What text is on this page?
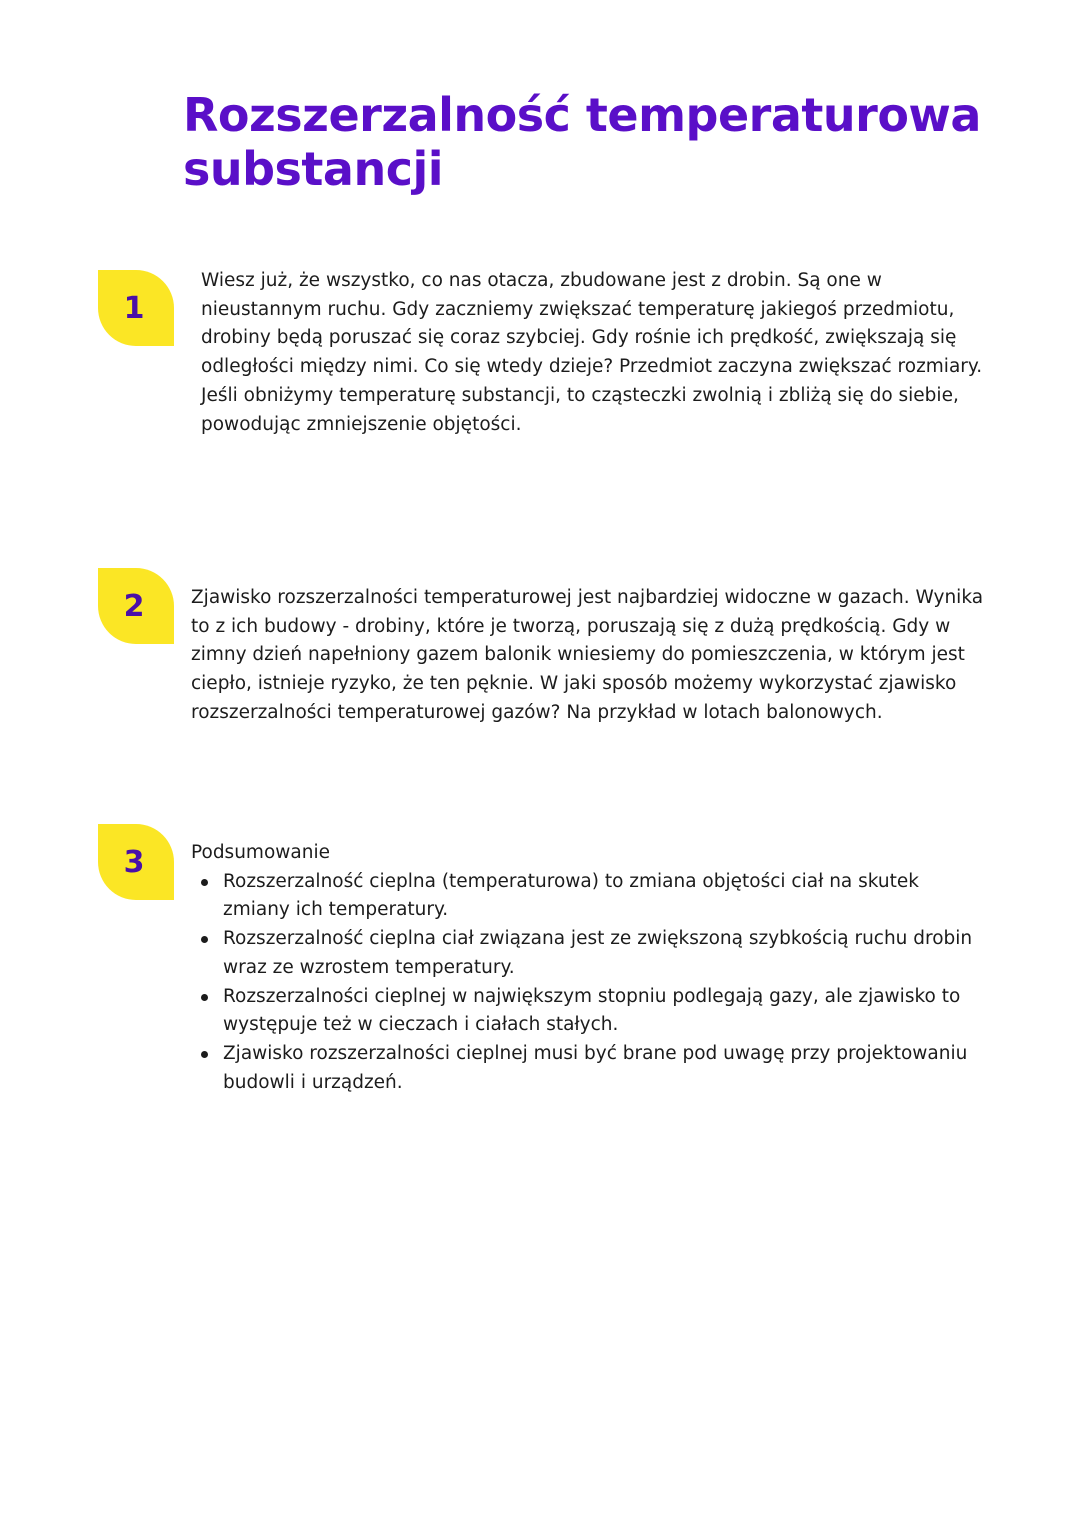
Rozszerzalność temperaturowa substancji
1

Wiesz już, że wszystko, co nas otacza, zbudowane jest z drobin. Są one w nieustannym ruchu. Gdy zaczniemy zwiększać temperaturę jakiegoś przedmiotu, drobiny będą poruszać się coraz szybciej. Gdy rośnie ich prędkość, zwiększają się odległości między nimi. Co się wtedy dzieje? Przedmiot zaczyna zwiększać rozmiary. Jeśli obniżymy temperaturę substancji, to cząsteczki zwolnią i zbliżą się do siebie, powodując zmniejszenie objętości.

2	Zjawisko rozszerzalności temperaturowej jest najbardziej widoczne w gazach. Wynika to z ich budowy - drobiny, które je tworzą, poruszają się z dużą prędkością. Gdy w zimny dzień napełniony gazem balonik wniesiemy do pomieszczenia, w którym jest ciepło, istnieje ryzyko, że ten pęknie. W jaki sposób możemy wykorzystać zjawisko rozszerzalności temperaturowej gazów? Na przykład w lotach balonowych.

3	Podsumowanie
Rozszerzalność cieplna (temperaturowa) to zmiana objętości ciał na skutek zmiany ich temperatury.
Rozszerzalność cieplna ciał związana jest ze zwiększoną szybkością ruchu drobin wraz ze wzrostem temperatury.
Rozszerzalności cieplnej w największym stopniu podlegają gazy, ale zjawisko to występuje też w cieczach i ciałach stałych.
Zjawisko rozszerzalności cieplnej musi być brane pod uwagę przy projektowaniu budowli i urządzeń.
